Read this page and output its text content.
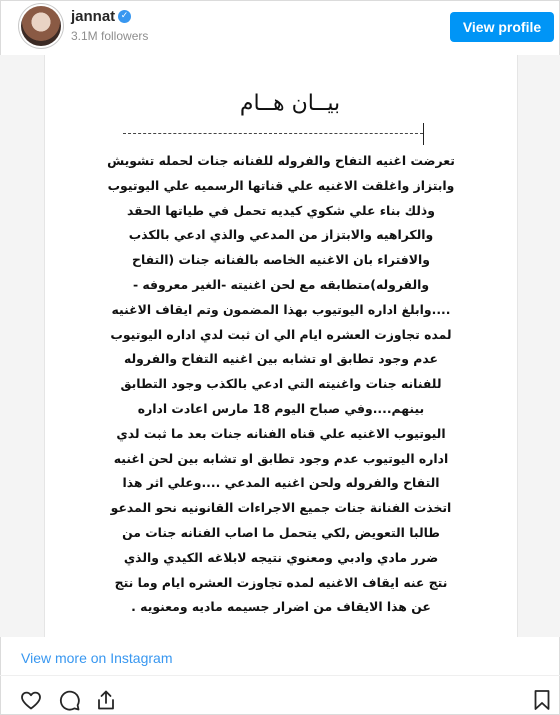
jannat ✓
3.1M followers
View profile
بيــان هــام

تعرضت اغنيه التفاح والفروله للفنانه جنات لحمله تشويش
وابتزاز واغلقت الاغنيه علي قناتها الرسميه علي اليوتيوب
وذلك بناء علي شكوي كيديه تحمل في طياتها الحقد
والكراهيه والابتزاز من المدعي والذي ادعي بالكذب
والافتراء بان الاغنيه الخاصه بالفنانه جنات (التفاح
والفروله)متطابقه مع لحن اغنيته -الغير معروفه -
....وابلغ اداره اليوتيوب بهذا المضمون وتم ايقاف الاغنيه
لمده تجاوزت العشره ايام الي ان ثبت لدي اداره اليوتيوب
عدم وجود تطابق او تشابه بين اغنيه التفاح والفروله
للفنانه جنات واغنيته التي ادعي بالكذب وجود التطابق
بينهم....وفي صباح اليوم 18 مارس اعادت اداره
اليوتيوب الاغنيه علي قناه الفنانه جنات بعد ما ثبت لدي
اداره اليوتيوب عدم وجود تطابق او تشابه بين لحن اغنيه
التفاح والفروله ولحن اغنيه المدعي ....وعلي اثر هذا
اتخذت الفنانة جنات جميع الاجراءات القانونيه نحو المدعو
طالبا التعويض ,لكي يتحمل ما اصاب الفنانه جنات من
ضرر مادي وادبي ومعنوي نتيجه لابلاغه الكيدي والذي
نتج عنه ايقاف الاغنيه لمده تجاوزت العشره ايام وما نتج
عن هذا الايقاف من اضرار جسيمه ماديه ومعنويه .

View more on Instagram
